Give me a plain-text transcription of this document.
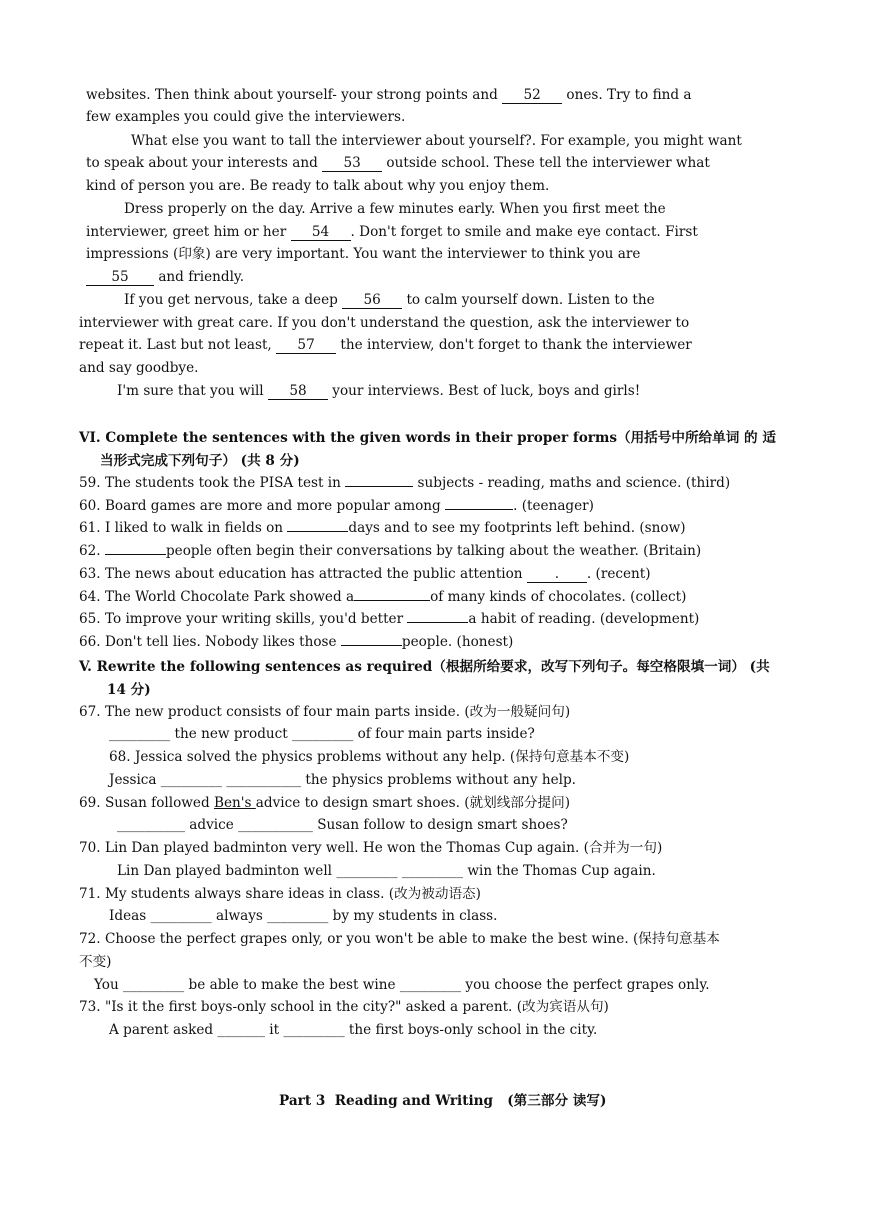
websites. Then think about yourself- your strong points and 52 ones. Try to find a
few examples you could give the interviewers.
What else you want to tall the interviewer about yourself?. For example, you might want
to speak about your interests and 53 outside school. These tell the interviewer what
kind of person you are. Be ready to talk about why you enjoy them.
Dress properly on the day. Arrive a few minutes early. When you first meet the
interviewer, greet him or her 54 . Don't forget to smile and make eye contact. First
impressions (印象) are very important. You want the interviewer to think you are
55 and friendly.
If you get nervous, take a deep 56 to calm yourself down. Listen to the
interviewer with great care. If you don't understand the question, ask the interviewer to
repeat it. Last but not least, 57 the interview, don't forget to thank the interviewer
and say goodbye.
I'm sure that you will 58 your interviews. Best of luck, boys and girls!
VI. Complete the sentences with the given words in their proper forms（用括号中所给单词 的 适
当形式完成下列句子） (共 8 分)
59. The students took the PISA test in	subjects - reading, maths and science. (third)
60. Board games are more and more popular among	. (teenager)
61. I liked to walk in fields on	days and to see my footprints left behind. (snow)
62.	people often begin their conversations by talking about the weather. (Britain)
63. The news about education has attracted the public attention . . (recent)
64. The World Chocolate Park showed a	of many kinds of chocolates. (collect)
65. To improve your writing skills, you'd better	a habit of reading. (development)
66. Don't tell lies. Nobody likes those	people. (honest)
V. Rewrite the following sentences as required（根据所给要求，改写下列句子。每空格限填一词） (共
14 分)
67. The new product consists of four main parts inside. (改为一般疑问句)
_________ the new product _________ of four main parts inside?
68. Jessica solved the physics problems without any help. (保持句意基本不变)
Jessica _________ ___________ the physics problems without any help.
69. Susan followed Ben's advice to design smart shoes. (就划线部分提问)
__________ advice ___________ Susan follow to design smart shoes?
70. Lin Dan played badminton very well. He won the Thomas Cup again. (合并为一句)
Lin Dan played badminton well _________ _________ win the Thomas Cup again.
71. My students always share ideas in class. (改为被动语态)
Ideas _________ always _________ by my students in class.
72. Choose the perfect grapes only, or you won't be able to make the best wine. (保持句意基本
不变)
You _________ be able to make the best wine _________ you choose the perfect grapes only.
73. "Is it the first boys-only school in the city?" asked a parent. (改为宾语从句)
A parent asked _______ it _________ the first boys-only school in the city.
Part 3  Reading and Writing   (第三部分 读写)
